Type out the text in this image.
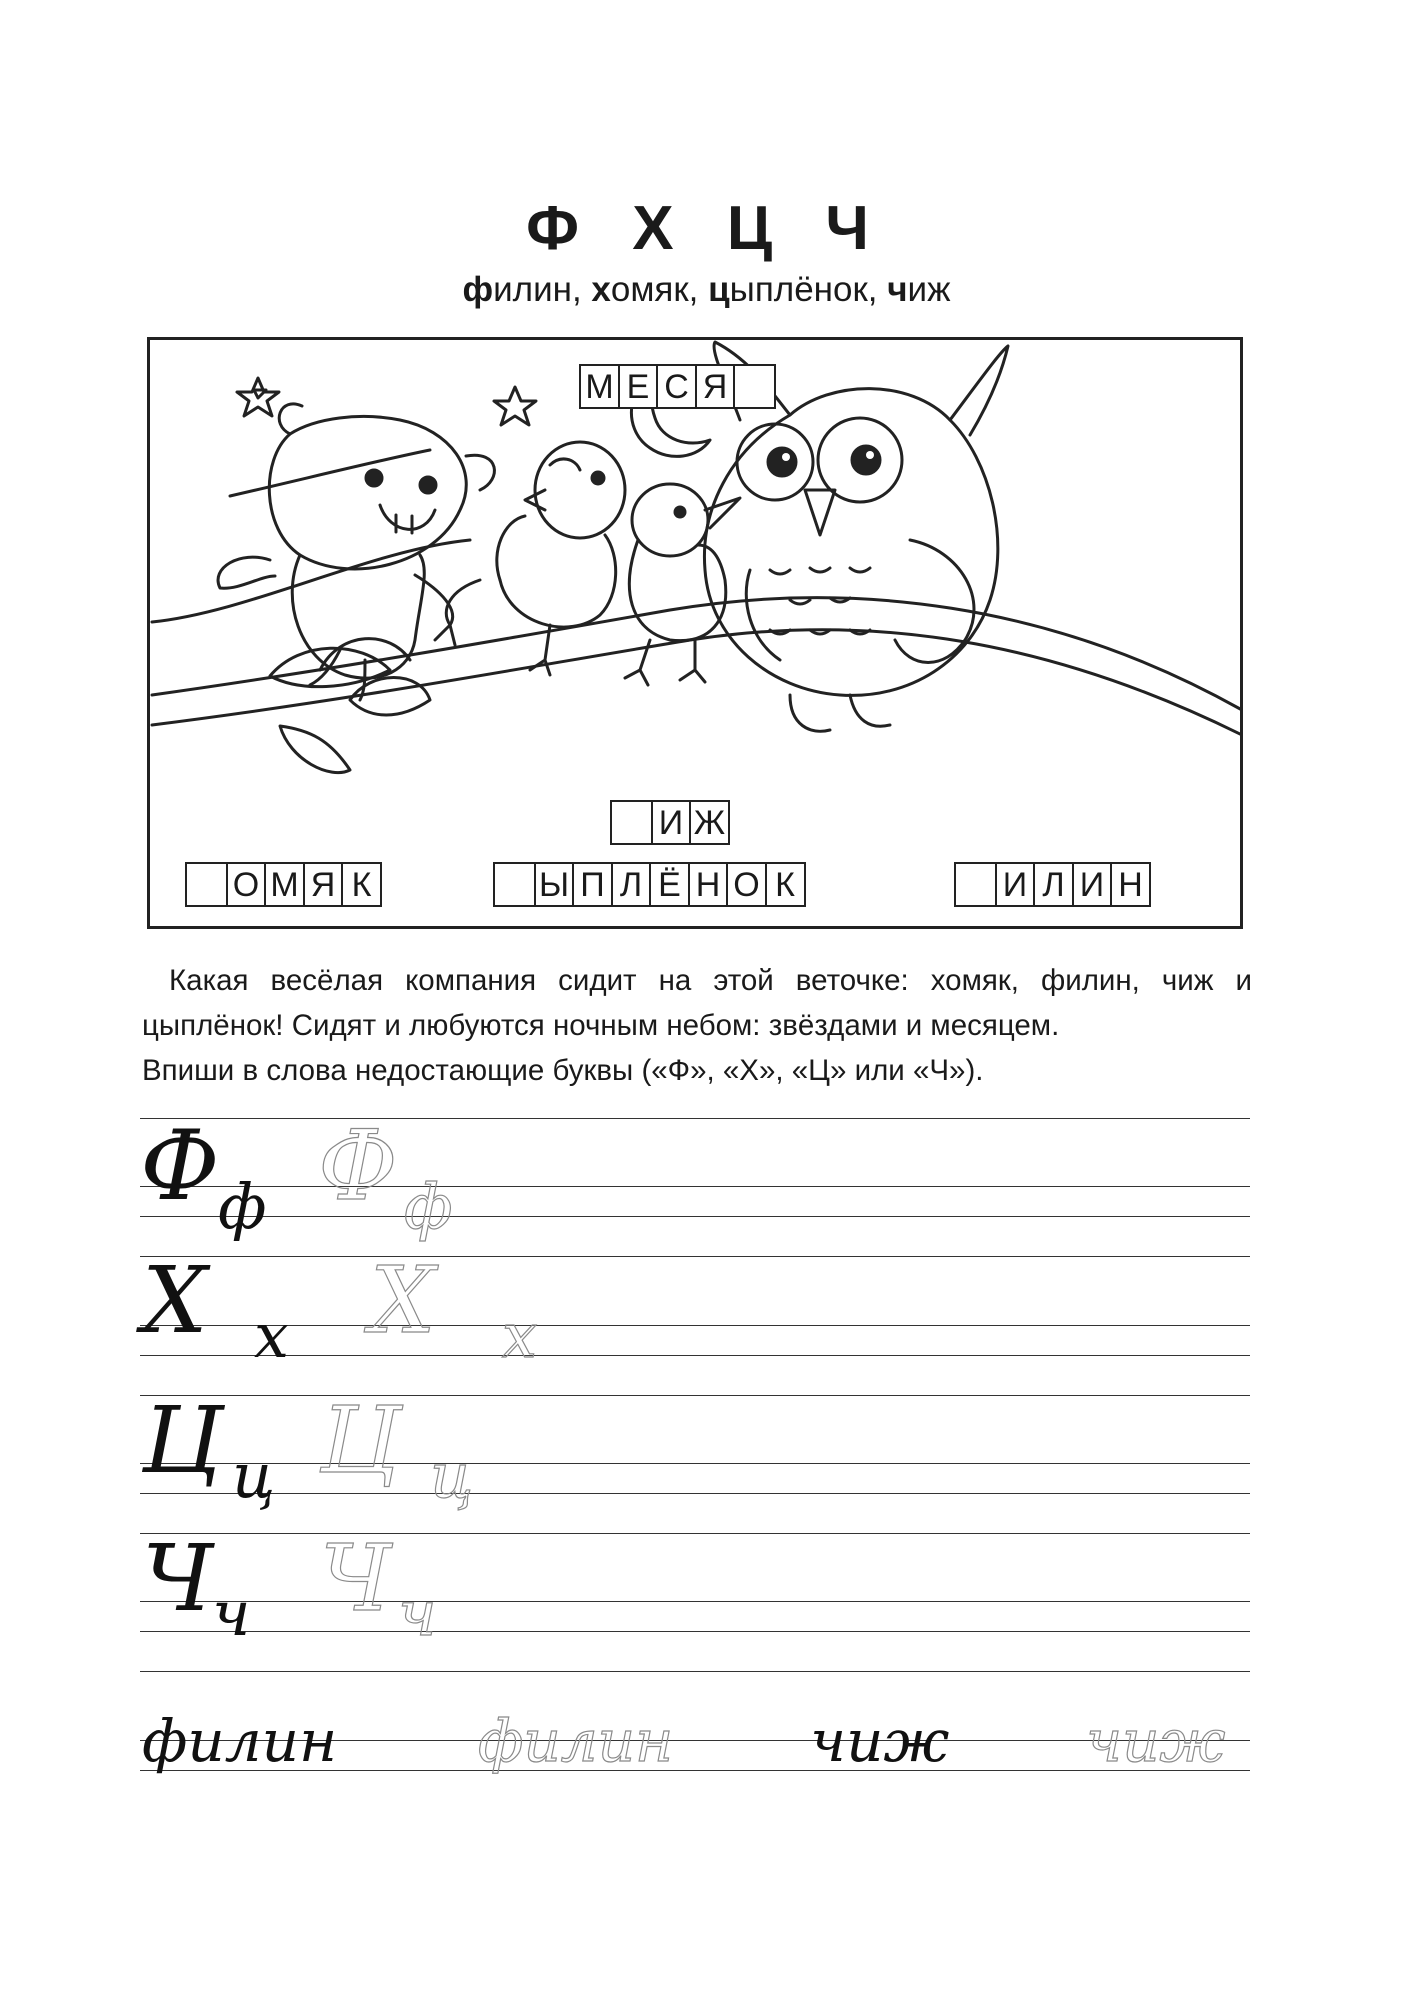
Ф Х Ц Ч
филин, хомяк, цыплёнок, чиж
М Е С Я
И Ж
О М Я К	Ы П Л Ё Н О К	И Л И Н

Какая весёлая компания сидит на этой веточке: хомяк, филин, чиж и цыплёнок! Сидят и любуются ночным небом: звёздами и месяцем.

Впиши в слова недостающие буквы («Ф», «Х», «Ц» или «Ч»).

Ф
ф Ф ф
Х х Х х
Ц ц Ц ц
Ч
ч Ч ч
филин филин чиж чиж
